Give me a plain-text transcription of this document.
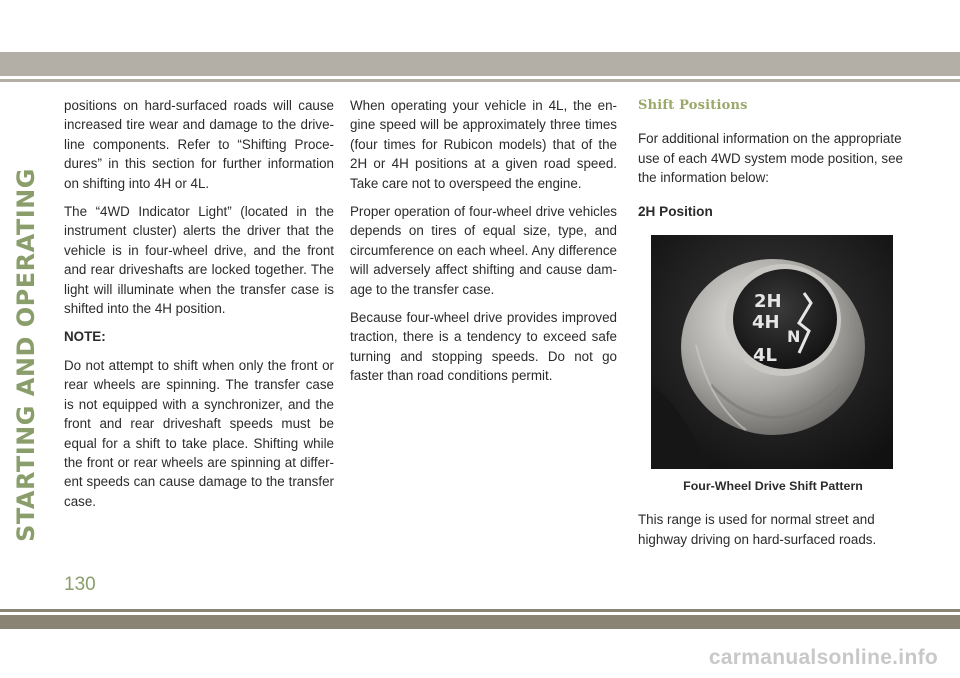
STARTING AND OPERATING

positions on hard-surfaced roads will cause increased tire wear and damage to the drive-line components. Refer to “Shifting Proce-dures” in this section for further information on shifting into 4H or 4L.

The “4WD Indicator Light” (located in the instrument cluster) alerts the driver that the vehicle is in four-wheel drive, and the front and rear driveshafts are locked together. The light will illuminate when the transfer case is shifted into the 4H position.

NOTE:

Do not attempt to shift when only the front or rear wheels are spinning. The transfer case is not equipped with a synchronizer, and the front and rear driveshaft speeds must be equal for a shift to take place. Shifting while the front or rear wheels are spinning at differ-ent speeds can cause damage to the transfer case.

When operating your vehicle in 4L, the en-gine speed will be approximately three times (four times for Rubicon models) that of the 2H or 4H positions at a given road speed. Take care not to overspeed the engine.

Proper operation of four-wheel drive vehicles depends on tires of equal size, type, and circumference on each wheel. Any difference will adversely affect shifting and cause dam-age to the transfer case.

Because four-wheel drive provides improved traction, there is a tendency to exceed safe turning and stopping speeds. Do not go faster than road conditions permit.

Shift Positions

For additional information on the appropriate use of each 4WD system mode position, see the information below:

2H Position
2H
4H
N
4L
Four-Wheel Drive Shift Pattern

This range is used for normal street and highway driving on hard-surfaced roads.

130
carmanualsonline.info
